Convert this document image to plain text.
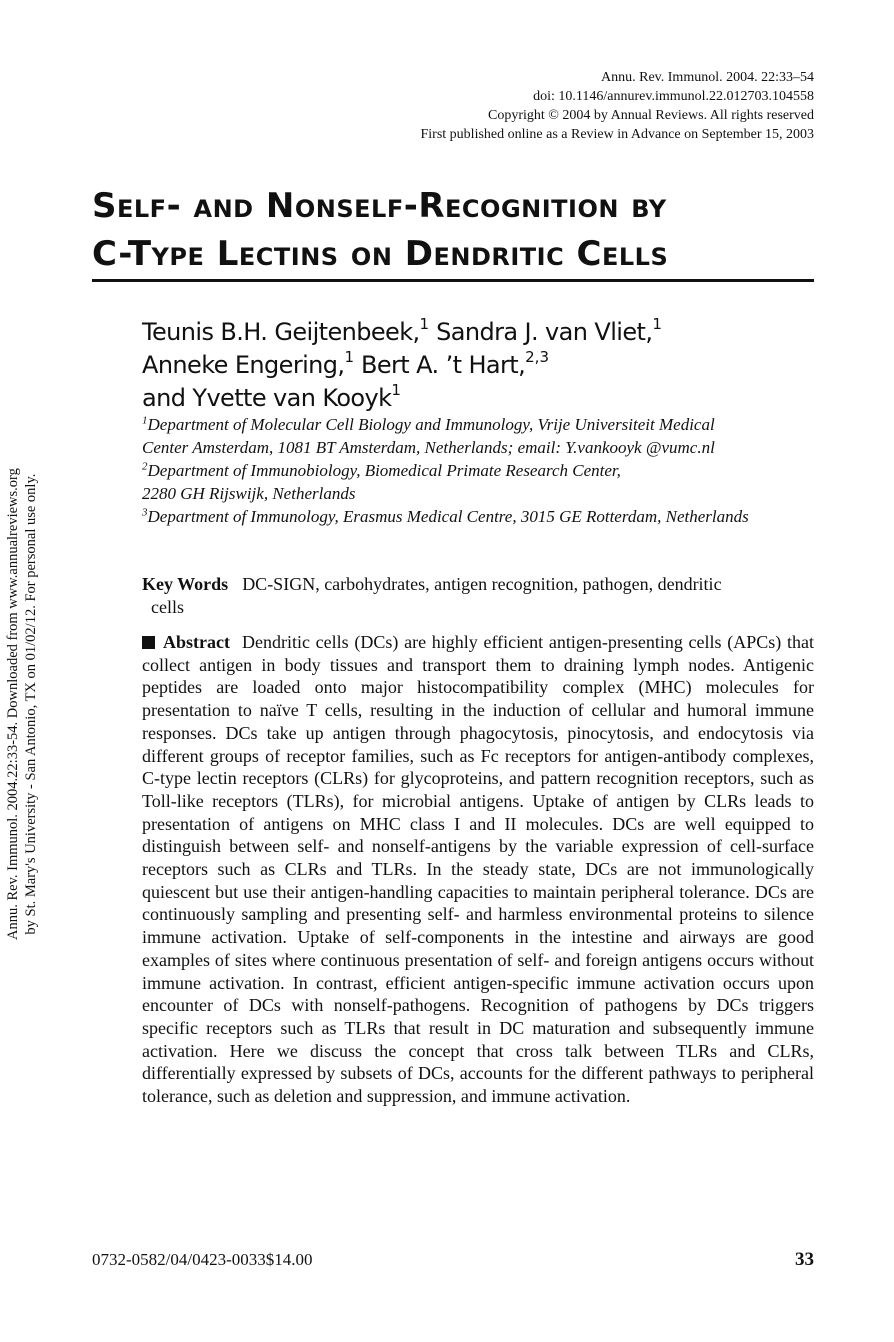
Annu. Rev. Immunol. 2004. 22:33–54
doi: 10.1146/annurev.immunol.22.012703.104558
Copyright © 2004 by Annual Reviews. All rights reserved
First published online as a Review in Advance on September 15, 2003
Self- and Nonself-Recognition by
C-Type Lectins on Dendritic Cells
Teunis B.H. Geijtenbeek,$^1$ Sandra J. van Vliet,$^1$
Anneke Engering,$^1$ Bert A. ’t Hart,$^{2,3}$
and Yvette van Kooyk$^1$
$^1$Department of Molecular Cell Biology and Immunology, Vrije Universiteit Medical
Center Amsterdam, 1081 BT Amsterdam, Netherlands; email: Y.vankooyk @vumc.nl
$^2$Department of Immunobiology, Biomedical Primate Research Center,
2280 GH Rijswijk, Netherlands
$^3$Department of Immunology, Erasmus Medical Centre, 3015 GE Rotterdam, Netherlands
Key Words DC-SIGN, carbohydrates, antigen recognition, pathogen, dendritic
cells
Abstract Dendritic cells (DCs) are highly efficient antigen-presenting cells (APCs) that collect antigen in body tissues and transport them to draining lymph nodes. Antigenic peptides are loaded onto major histocompatibility complex (MHC) molecules for presentation to naïve T cells, resulting in the induction of cellular and humoral immune responses. DCs take up antigen through phagocytosis, pinocytosis, and endocytosis via different groups of receptor families, such as Fc receptors for antigen-antibody complexes, C-type lectin receptors (CLRs) for glycoproteins, and pattern recognition receptors, such as Toll-like receptors (TLRs), for microbial antigens. Uptake of antigen by CLRs leads to presentation of antigens on MHC class I and II molecules. DCs are well equipped to distinguish between self- and nonself-antigens by the variable expression of cell-surface receptors such as CLRs and TLRs. In the steady state, DCs are not immunologically quiescent but use their antigen-handling capacities to maintain peripheral tolerance. DCs are continuously sampling and presenting self- and harmless environmental proteins to silence immune activation. Uptake of self-components in the intestine and airways are good examples of sites where continuous presentation of self- and foreign antigens occurs without immune activation. In contrast, efficient antigen-specific immune activation occurs upon encounter of DCs with nonself-pathogens. Recognition of pathogens by DCs triggers specific receptors such as TLRs that result in DC maturation and subsequently immune activation. Here we discuss the concept that cross talk between TLRs and CLRs, differentially expressed by subsets of DCs, accounts for the different pathways to peripheral tolerance, such as deletion and suppression, and immune activation.
Annu. Rev. Immunol. 2004.22:33-54. Downloaded from www.annualreviews.org by St. Mary's University - San Antonio, TX on 01/02/12. For personal use only.
0732-0582/04/0423-0033$14.00	33
